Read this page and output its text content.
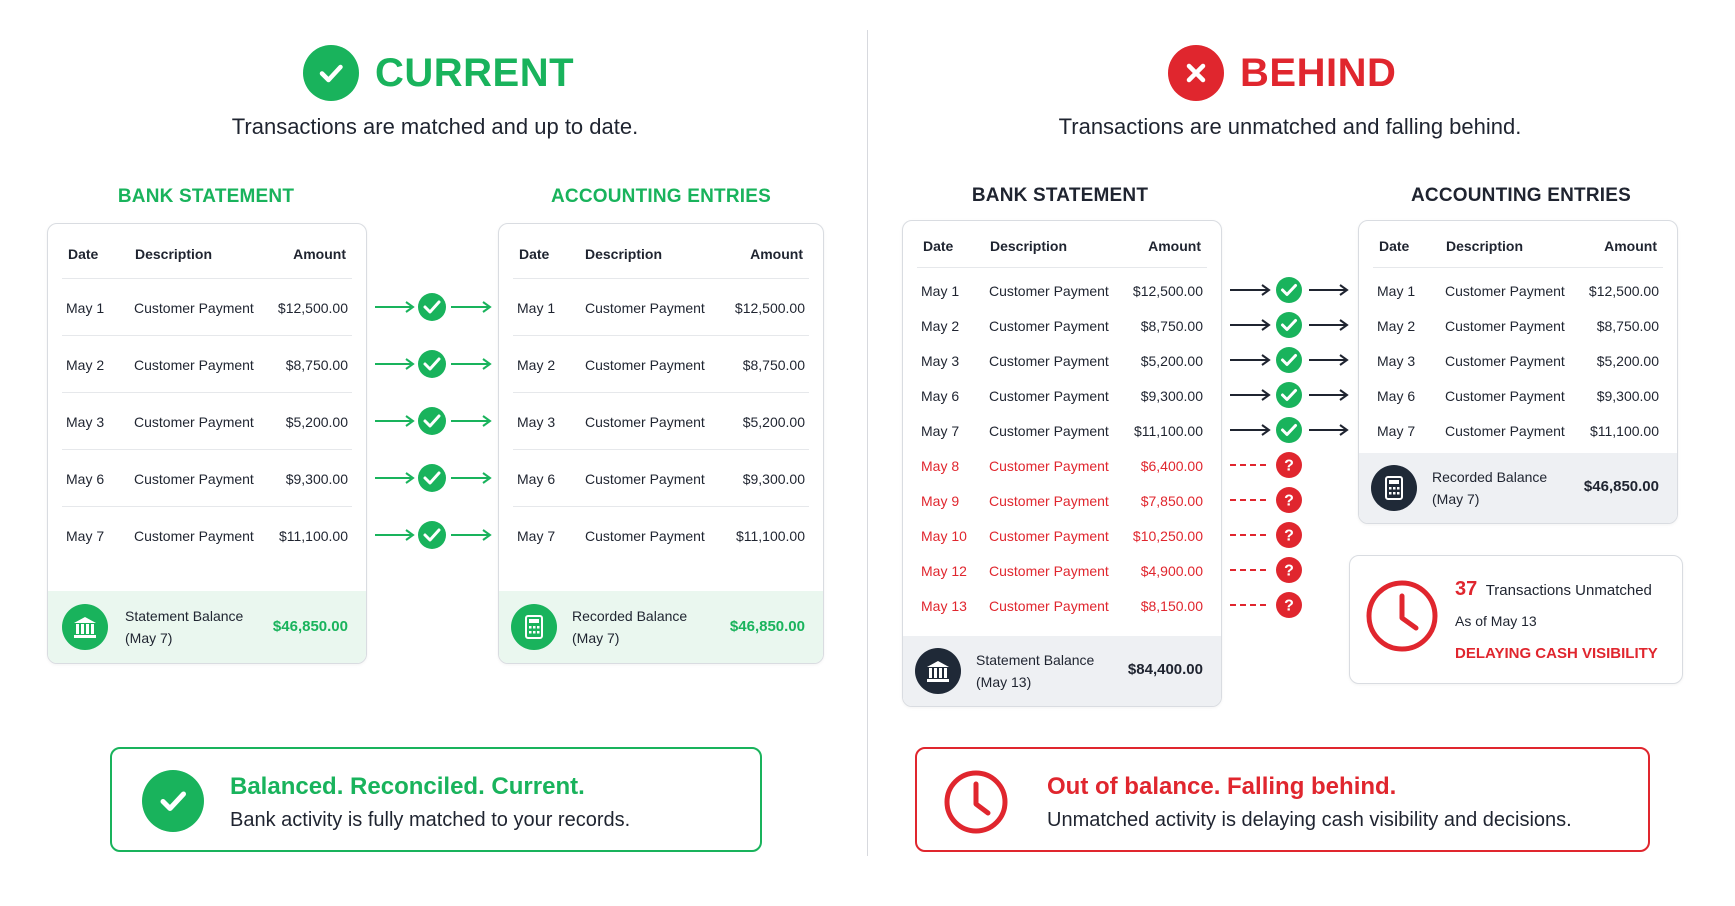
CURRENT
Transactions are matched and up to date.
BANK STATEMENT	ACCOUNTING ENTRIES
Date	Description	Amount
May 1 Customer Payment $12,500.00
May 2 Customer Payment $8,750.00
May 3 Customer Payment $5,200.00
May 6 Customer Payment $9,300.00
May 7 Customer Payment $11,100.00
Statement Balance
(May 7)
$46,850.00
Date	Description	Amount
May 1 Customer Payment $12,500.00
May 2 Customer Payment	$8,750.00
May 3 Customer Payment	$5,200.00
May 6 Customer Payment	$9,300.00
May 7 Customer Payment $11,100.00
Recorded Balance
(May 7)
$46,850.00
Balanced. Reconciled. Current.
Bank activity is fully matched to your records.
BEHIND
Transactions are unmatched and falling behind.
BANK STATEMENT	ACCOUNTING ENTRIES
Date	Description	Amount
May 1 Customer Payment $12,500.00
May 2 Customer Payment $8,750.00
May 3 Customer Payment $5,200.00
May 6 Customer Payment $9,300.00
May 7 Customer Payment $11,100.00
May 8 Customer Payment $6,400.00
May 9 Customer Payment $7,850.00
May 10 Customer Payment $10,250.00
May 12 Customer Payment $4,900.00
May 13 Customer Payment $8,150.00
Statement Balance
(May 13)
$84,400.00
?
?
?
?
?
Date	Description	Amount
May 1 Customer Payment $12,500.00
May 2 Customer Payment $8,750.00
May 3 Customer Payment $5,200.00
May 6 Customer Payment $9,300.00
May 7 Customer Payment $11,100.00
Recorded Balance
(May 7)
$46,850.00
37 Transactions Unmatched
As of May 13
DELAYING CASH VISIBILITY
Out of balance. Falling behind.
Unmatched activity is delaying cash visibility and decisions.
